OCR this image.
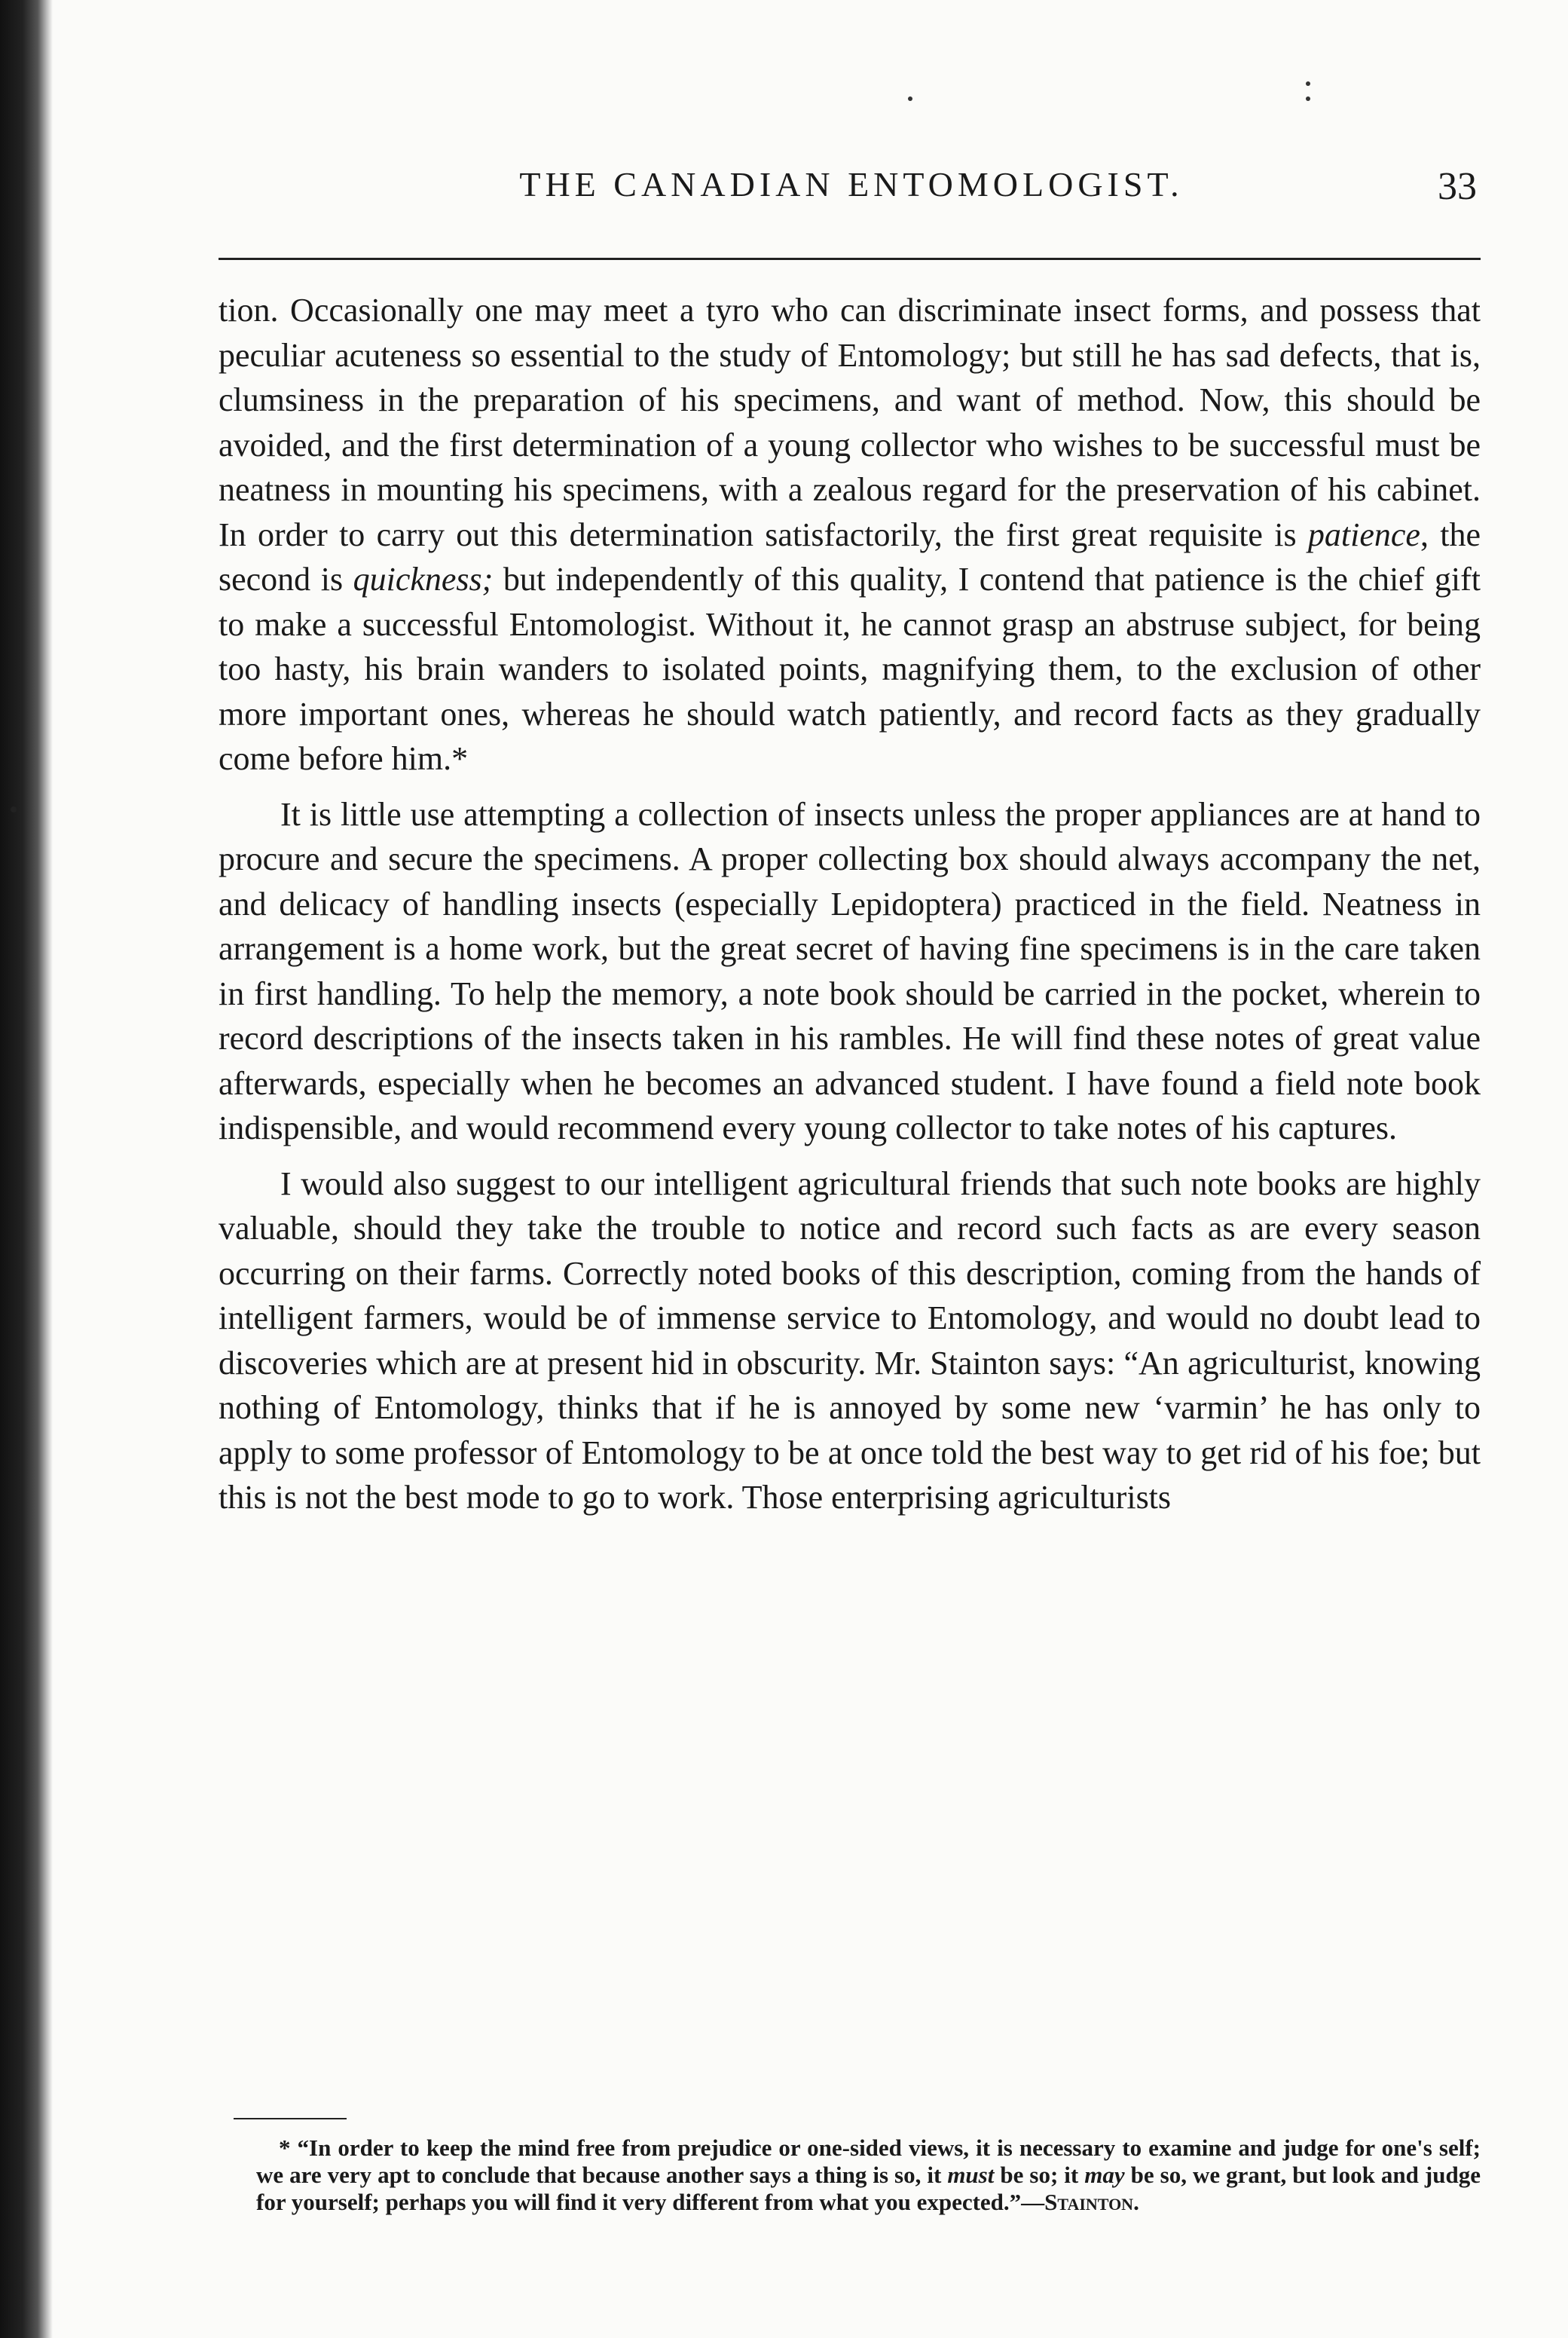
THE CANADIAN ENTOMOLOGIST.	33

tion. Occasionally one may meet a tyro who can discriminate insect forms, and possess that peculiar acuteness so essential to the study of Entomology; but still he has sad defects, that is, clumsiness in the preparation of his specimens, and want of method. Now, this should be avoided, and the first determination of a young collector who wishes to be successful must be neatness in mounting his specimens, with a zealous regard for the preservation of his cabinet. In order to carry out this determination satisfactorily, the first great requisite is patience, the second is quickness; but independently of this quality, I contend that patience is the chief gift to make a successful Entomologist. Without it, he cannot grasp an abstruse subject, for being too hasty, his brain wanders to isolated points, magnifying them, to the exclusion of other more important ones, whereas he should watch patiently, and record facts as they gradually come before him.*

It is little use attempting a collection of insects unless the proper appliances are at hand to procure and secure the specimens. A proper collecting box should always accompany the net, and delicacy of handling insects (especially Lepidoptera) practiced in the field. Neatness in arrangement is a home work, but the great secret of having fine specimens is in the care taken in first handling. To help the memory, a note book should be carried in the pocket, wherein to record descriptions of the insects taken in his rambles. He will find these notes of great value afterwards, especially when he becomes an advanced student. I have found a field note book indispensible, and would recommend every young collector to take notes of his captures.

I would also suggest to our intelligent agricultural friends that such note books are highly valuable, should they take the trouble to notice and record such facts as are every season occurring on their farms. Correctly noted books of this description, coming from the hands of intelligent farmers, would be of immense service to Entomology, and would no doubt lead to discoveries which are at present hid in obscurity. Mr. Stainton says: “An agriculturist, knowing nothing of Entomology, thinks that if he is annoyed by some new ‘varmin’ he has only to apply to some professor of Entomology to be at once told the best way to get rid of his foe; but this is not the best mode to go to work. Those enterprising agriculturists

* “In order to keep the mind free from prejudice or one-sided views, it is necessary to examine and judge for one's self; we are very apt to conclude that because another says a thing is so, it must be so; it may be so, we grant, but look and judge for yourself; perhaps you will find it very different from what you expected.”—Stainton.
